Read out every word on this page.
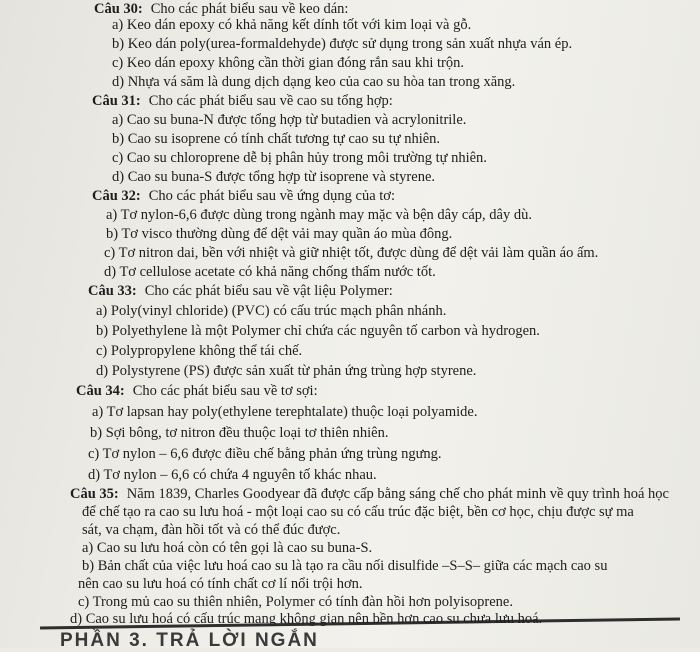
Câu 30: Cho các phát biểu sau về keo dán:
a) Keo dán epoxy có khả năng kết dính tốt với kim loại và gỗ.
b) Keo dán poly(urea-formaldehyde) được sử dụng trong sản xuất nhựa ván ép.
c) Keo dán epoxy không cần thời gian đóng rắn sau khi trộn.
d) Nhựa vá săm là dung dịch dạng keo của cao su hòa tan trong xăng.
Câu 31: Cho các phát biểu sau về cao su tổng hợp:
a) Cao su buna-N được tổng hợp từ butadien và acrylonitrile.
b) Cao su isoprene có tính chất tương tự cao su tự nhiên.
c) Cao su chloroprene dễ bị phân hủy trong môi trường tự nhiên.
d) Cao su buna-S được tổng hợp từ isoprene và styrene.
Câu 32: Cho các phát biểu sau về ứng dụng của tơ:
a) Tơ nylon-6,6 được dùng trong ngành may mặc và bện dây cáp, dây dù.
b) Tơ visco thường dùng để dệt vải may quần áo mùa đông.
c) Tơ nitron dai, bền với nhiệt và giữ nhiệt tốt, được dùng để dệt vải làm quần áo ấm.
d) Tơ cellulose acetate có khả năng chống thấm nước tốt.
Câu 33: Cho các phát biểu sau về vật liệu Polymer:
a) Poly(vinyl chloride) (PVC) có cấu trúc mạch phân nhánh.
b) Polyethylene là một Polymer chỉ chứa các nguyên tố carbon và hydrogen.
c) Polypropylene không thể tái chế.
d) Polystyrene (PS) được sản xuất từ phản ứng trùng hợp styrene.
Câu 34: Cho các phát biểu sau về tơ sợi:
a) Tơ lapsan hay poly(ethylene terephtalate) thuộc loại polyamide.
b) Sợi bông, tơ nitron đều thuộc loại tơ thiên nhiên.
c) Tơ nylon – 6,6 được điều chế bằng phản ứng trùng ngưng.
d) Tơ nylon – 6,6 có chứa 4 nguyên tố khác nhau.
Câu 35: Năm 1839, Charles Goodyear đã được cấp bằng sáng chế cho phát minh về quy trình hoá học
để chế tạo ra cao su lưu hoá - một loại cao su có cấu trúc đặc biệt, bền cơ học, chịu được sự ma
sát, va chạm, đàn hồi tốt và có thể đúc được.
a) Cao su lưu hoá còn có tên gọi là cao su buna-S.
b) Bản chất của việc lưu hoá cao su là tạo ra cầu nối disulfide –S–S– giữa các mạch cao su
nên cao su lưu hoá có tính chất cơ lí nổi trội hơn.
c) Trong mủ cao su thiên nhiên, Polymer có tính đàn hồi hơn polyisoprene.
d) Cao su lưu hoá có cấu trúc mạng không gian nên bền hơn cao su chưa lưu hoá.
PHẦN 3. TRẢ LỜI NGẮN
